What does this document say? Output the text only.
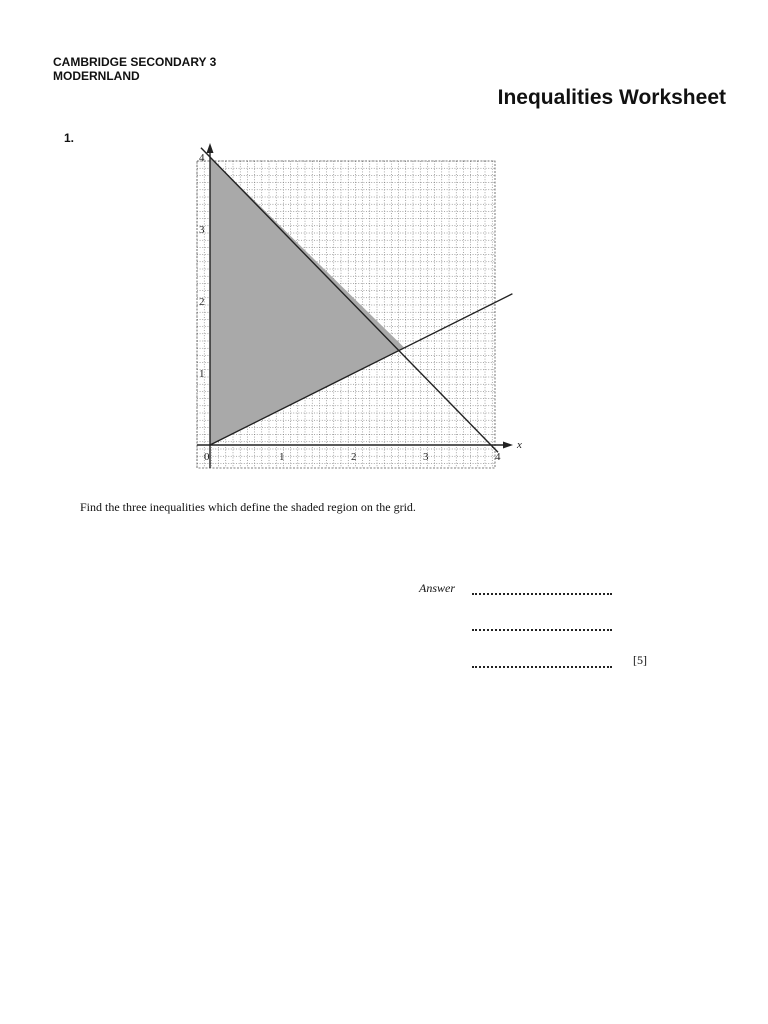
CAMBRIDGE SECONDARY 3
MODERNLAND
Inequalities Worksheet
1.
0	1	2	3	4
1
2
3
4
x
Find the three inequalities which define the shaded region on the grid.
Answer
[5]
